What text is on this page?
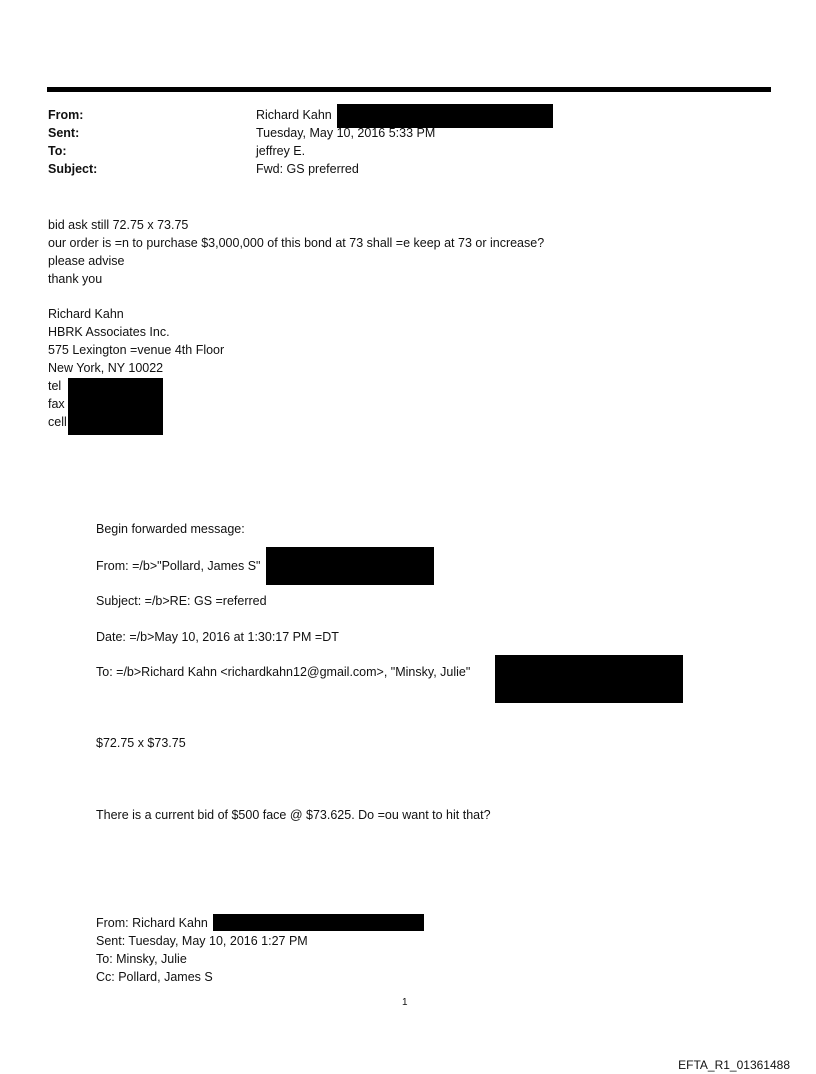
From:	Richard Kahn
Sent:	Tuesday, May 10, 2016 5:33 PM
To:	jeffrey E.
Subject:	Fwd: GS preferred

bid ask still 72.75 x 73.75

our order is =n to purchase $3,000,000 of this bond at 73 shall =e keep at 73 or increase?

please advise

thank you

Richard Kahn

HBRK Associates Inc.

575 Lexington =venue 4th Floor

New York, NY 10022

tel

fax

cell

Begin forwarded message:
From: =/b>"Pollard, James S"
Subject: =/b>RE: GS =referred
Date: =/b>May 10, 2016 at 1:30:17 PM =DT
To: =/b>Richard Kahn <richardkahn12@gmail.com>, "Minsky, Julie"
$72.75 x $73.75
There is a current bid of $500 face @ $73.625. Do =ou want to hit that?

From: Richard Kahn

Sent: Tuesday, May 10, 2016 1:27 PM

To: Minsky, Julie

Cc: Pollard, James S

1
EFTA_R1_01361488
